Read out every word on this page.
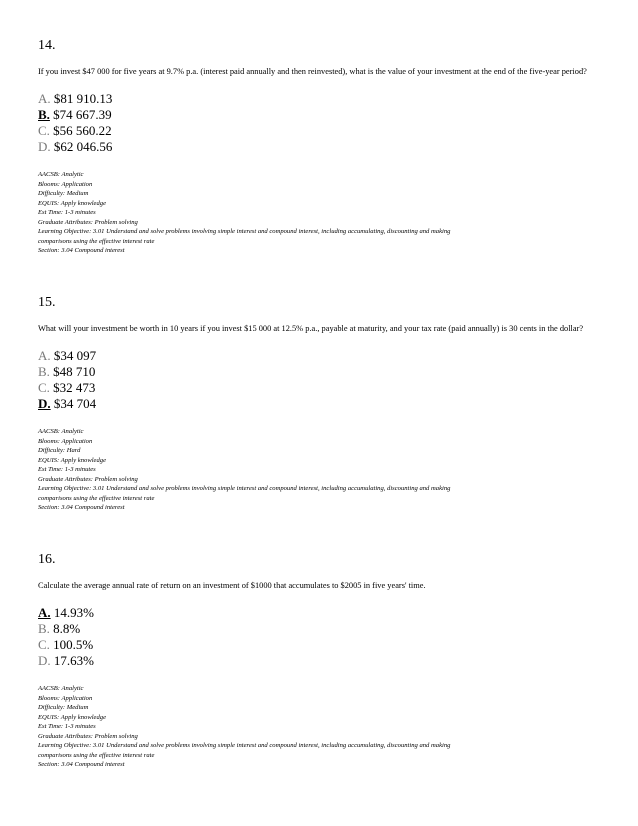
14.

If you invest $47 000 for five years at 9.7% p.a. (interest paid annually and then reinvested), what is the value of your investment at the end of the five-year period?

A. $81 910.13
B. $74 667.39
C. $56 560.22
D. $62 046.56
AACSB: Analytic
Blooms: Application
Difficulty: Medium
EQUIS: Apply knowledge
Est Time: 1-3 minutes
Graduate Attributes: Problem solving
Learning Objective: 3.01 Understand and solve problems involving simple interest and compound interest, including accumulating, discounting and making
comparisons using the effective interest rate
Section: 3.04 Compound interest

15.

What will your investment be worth in 10 years if you invest $15 000 at 12.5% p.a., payable at maturity, and your tax rate (paid annually) is 30 cents in the dollar?

A. $34 097
B. $48 710
C. $32 473
D. $34 704
AACSB: Analytic
Blooms: Application
Difficulty: Hard
EQUIS: Apply knowledge
Est Time: 1-3 minutes
Graduate Attributes: Problem solving
Learning Objective: 3.01 Understand and solve problems involving simple interest and compound interest, including accumulating, discounting and making
comparisons using the effective interest rate
Section: 3.04 Compound interest

16.

Calculate the average annual rate of return on an investment of $1000 that accumulates to $2005 in five years' time.

A. 14.93%
B. 8.8%
C. 100.5%
D. 17.63%
AACSB: Analytic
Blooms: Application
Difficulty: Medium
EQUIS: Apply knowledge
Est Time: 1-3 minutes
Graduate Attributes: Problem solving
Learning Objective: 3.01 Understand and solve problems involving simple interest and compound interest, including accumulating, discounting and making
comparisons using the effective interest rate
Section: 3.04 Compound interest
